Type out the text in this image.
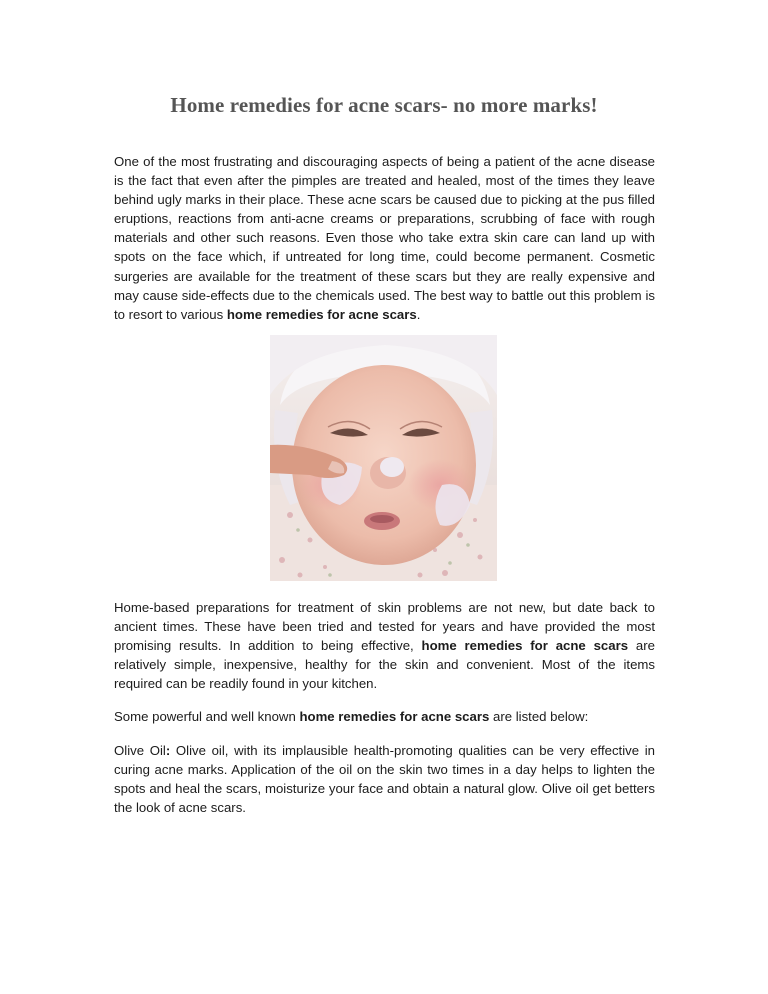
Home remedies for acne scars- no more marks!

One of the most frustrating and discouraging aspects of being a patient of the acne disease is the fact that even after the pimples are treated and healed, most of the times they leave behind ugly marks in their place. These acne scars be caused due to picking at the pus filled eruptions, reactions from anti-acne creams or preparations, scrubbing of face with rough materials and other such reasons. Even those who take extra skin care can land up with spots on the face which, if untreated for long time, could become permanent. Cosmetic surgeries are available for the treatment of these scars but they are really expensive and may cause side-effects due to the chemicals used. The best way to battle out this problem is to resort to various home remedies for acne scars.

Home-based preparations for treatment of skin problems are not new, but date back to ancient times. These have been tried and tested for years and have provided the most promising results. In addition to being effective, home remedies for acne scars are relatively simple, inexpensive, healthy for the skin and convenient. Most of the items required can be readily found in your kitchen.

Some powerful and well known home remedies for acne scars are listed below:

Olive Oil: Olive oil, with its implausible health-promoting qualities can be very effective in curing acne marks. Application of the oil on the skin two times in a day helps to lighten the spots and heal the scars, moisturize your face and obtain a natural glow. Olive oil get betters the look of acne scars.
